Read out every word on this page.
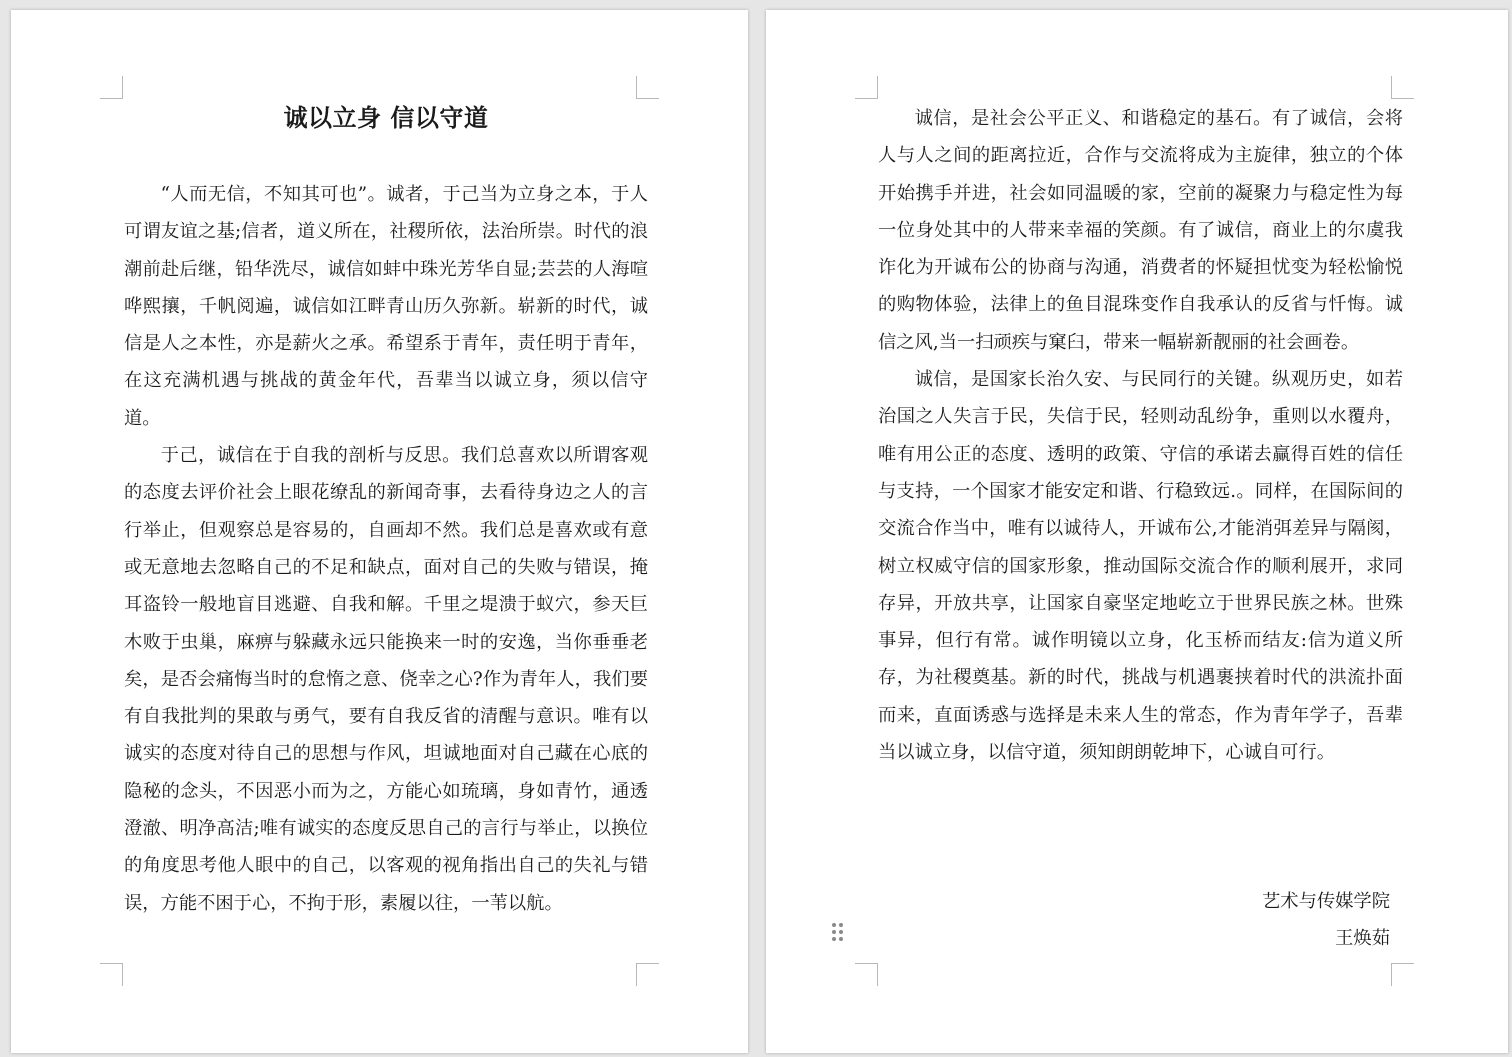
诚以立身 信以守道

“人而无信，不知其可也”。诚者，于己当为立身之本，于人可谓友谊之基;信者，道义所在，社稷所依，法治所崇。时代的浪潮前赴后继，铅华洗尽，诚信如蚌中珠光芳华自显;芸芸的人海喧哗熙攘，千帆阅遍，诚信如江畔青山历久弥新。崭新的时代，诚信是人之本性，亦是薪火之承。希望系于青年，责任明于青年，在这充满机遇与挑战的黄金年代，吾辈当以诚立身，须以信守道。

于己，诚信在于自我的剖析与反思。我们总喜欢以所谓客观的态度去评价社会上眼花缭乱的新闻奇事，去看待身边之人的言行举止，但观察总是容易的，自画却不然。我们总是喜欢或有意或无意地去忽略自己的不足和缺点，面对自己的失败与错误，掩耳盗铃一般地盲目逃避、自我和解。千里之堤溃于蚁穴，参天巨木败于虫巢，麻痹与躲藏永远只能换来一时的安逸，当你垂垂老矣，是否会痛悔当时的怠惰之意、侥幸之心?作为青年人，我们要有自我批判的果敢与勇气，要有自我反省的清醒与意识。唯有以诚实的态度对待自己的思想与作风，坦诚地面对自己藏在心底的隐秘的念头，不因恶小而为之，方能心如琉璃，身如青竹，通透澄澈、明净高洁;唯有诚实的态度反思自己的言行与举止，以换位的角度思考他人眼中的自己，以客观的视角指出自己的失礼与错误，方能不困于心，不拘于形，素履以往，一苇以航。

诚信，是社会公平正义、和谐稳定的基石。有了诚信，会将人与人之间的距离拉近，合作与交流将成为主旋律，独立的个体开始携手并进，社会如同温暖的家，空前的凝聚力与稳定性为每一位身处其中的人带来幸福的笑颜。有了诚信，商业上的尔虞我诈化为开诚布公的协商与沟通，消费者的怀疑担忧变为轻松愉悦的购物体验，法律上的鱼目混珠变作自我承认的反省与忏悔。诚信之风,当一扫顽疾与窠臼，带来一幅崭新靓丽的社会画卷。

诚信，是国家长治久安、与民同行的关键。纵观历史，如若治国之人失言于民，失信于民，轻则动乱纷争，重则以水覆舟，唯有用公正的态度、透明的政策、守信的承诺去赢得百姓的信任与支持，一个国家才能安定和谐、行稳致远.。同样，在国际间的交流合作当中，唯有以诚待人，开诚布公,才能消弭差异与隔阂，树立权威守信的国家形象，推动国际交流合作的顺利展开，求同存异，开放共享，让国家自豪坚定地屹立于世界民族之林。世殊事异，但行有常。诚作明镜以立身，化玉桥而结友:信为道义所存，为社稷奠基。新的时代，挑战与机遇裹挟着时代的洪流扑面而来，直面诱惑与选择是未来人生的常态，作为青年学子，吾辈当以诚立身，以信守道，须知朗朗乾坤下，心诚自可行。

艺术与传媒学院
王焕茹
